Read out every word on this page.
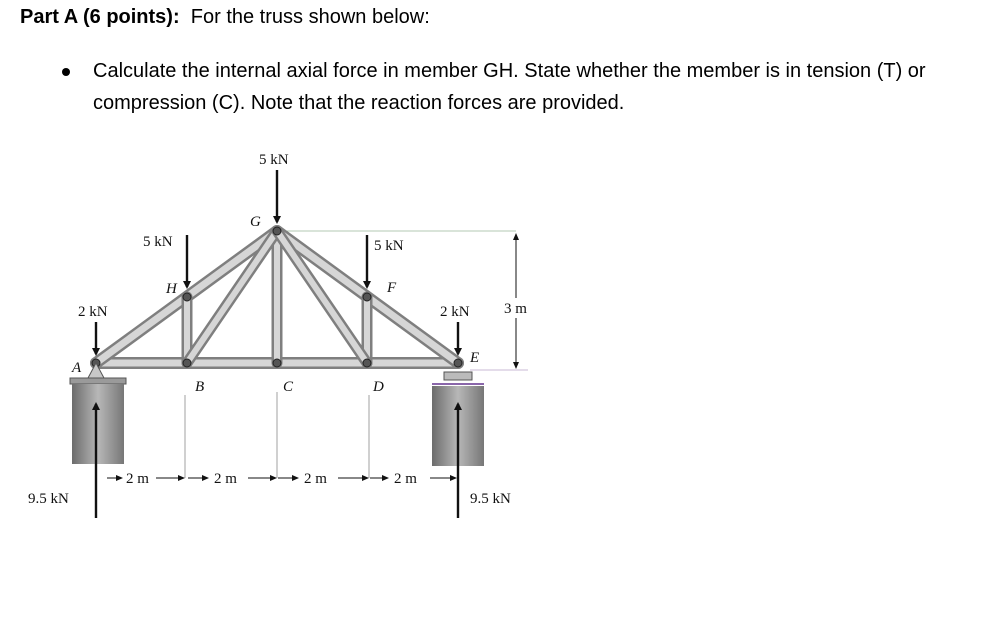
Part A (6 points): For the truss shown below:
Calculate the internal axial force in member GH. State whether the member is in tension (T) or
compression (C). Note that the reaction forces are provided.
A
B	C	D
E
F
G
H
5 kN
5 kN	5 kN
2 kN	2 kN
9.5 kN	9.5 kN
2 m	2 m	2 m	2 m
3 m
